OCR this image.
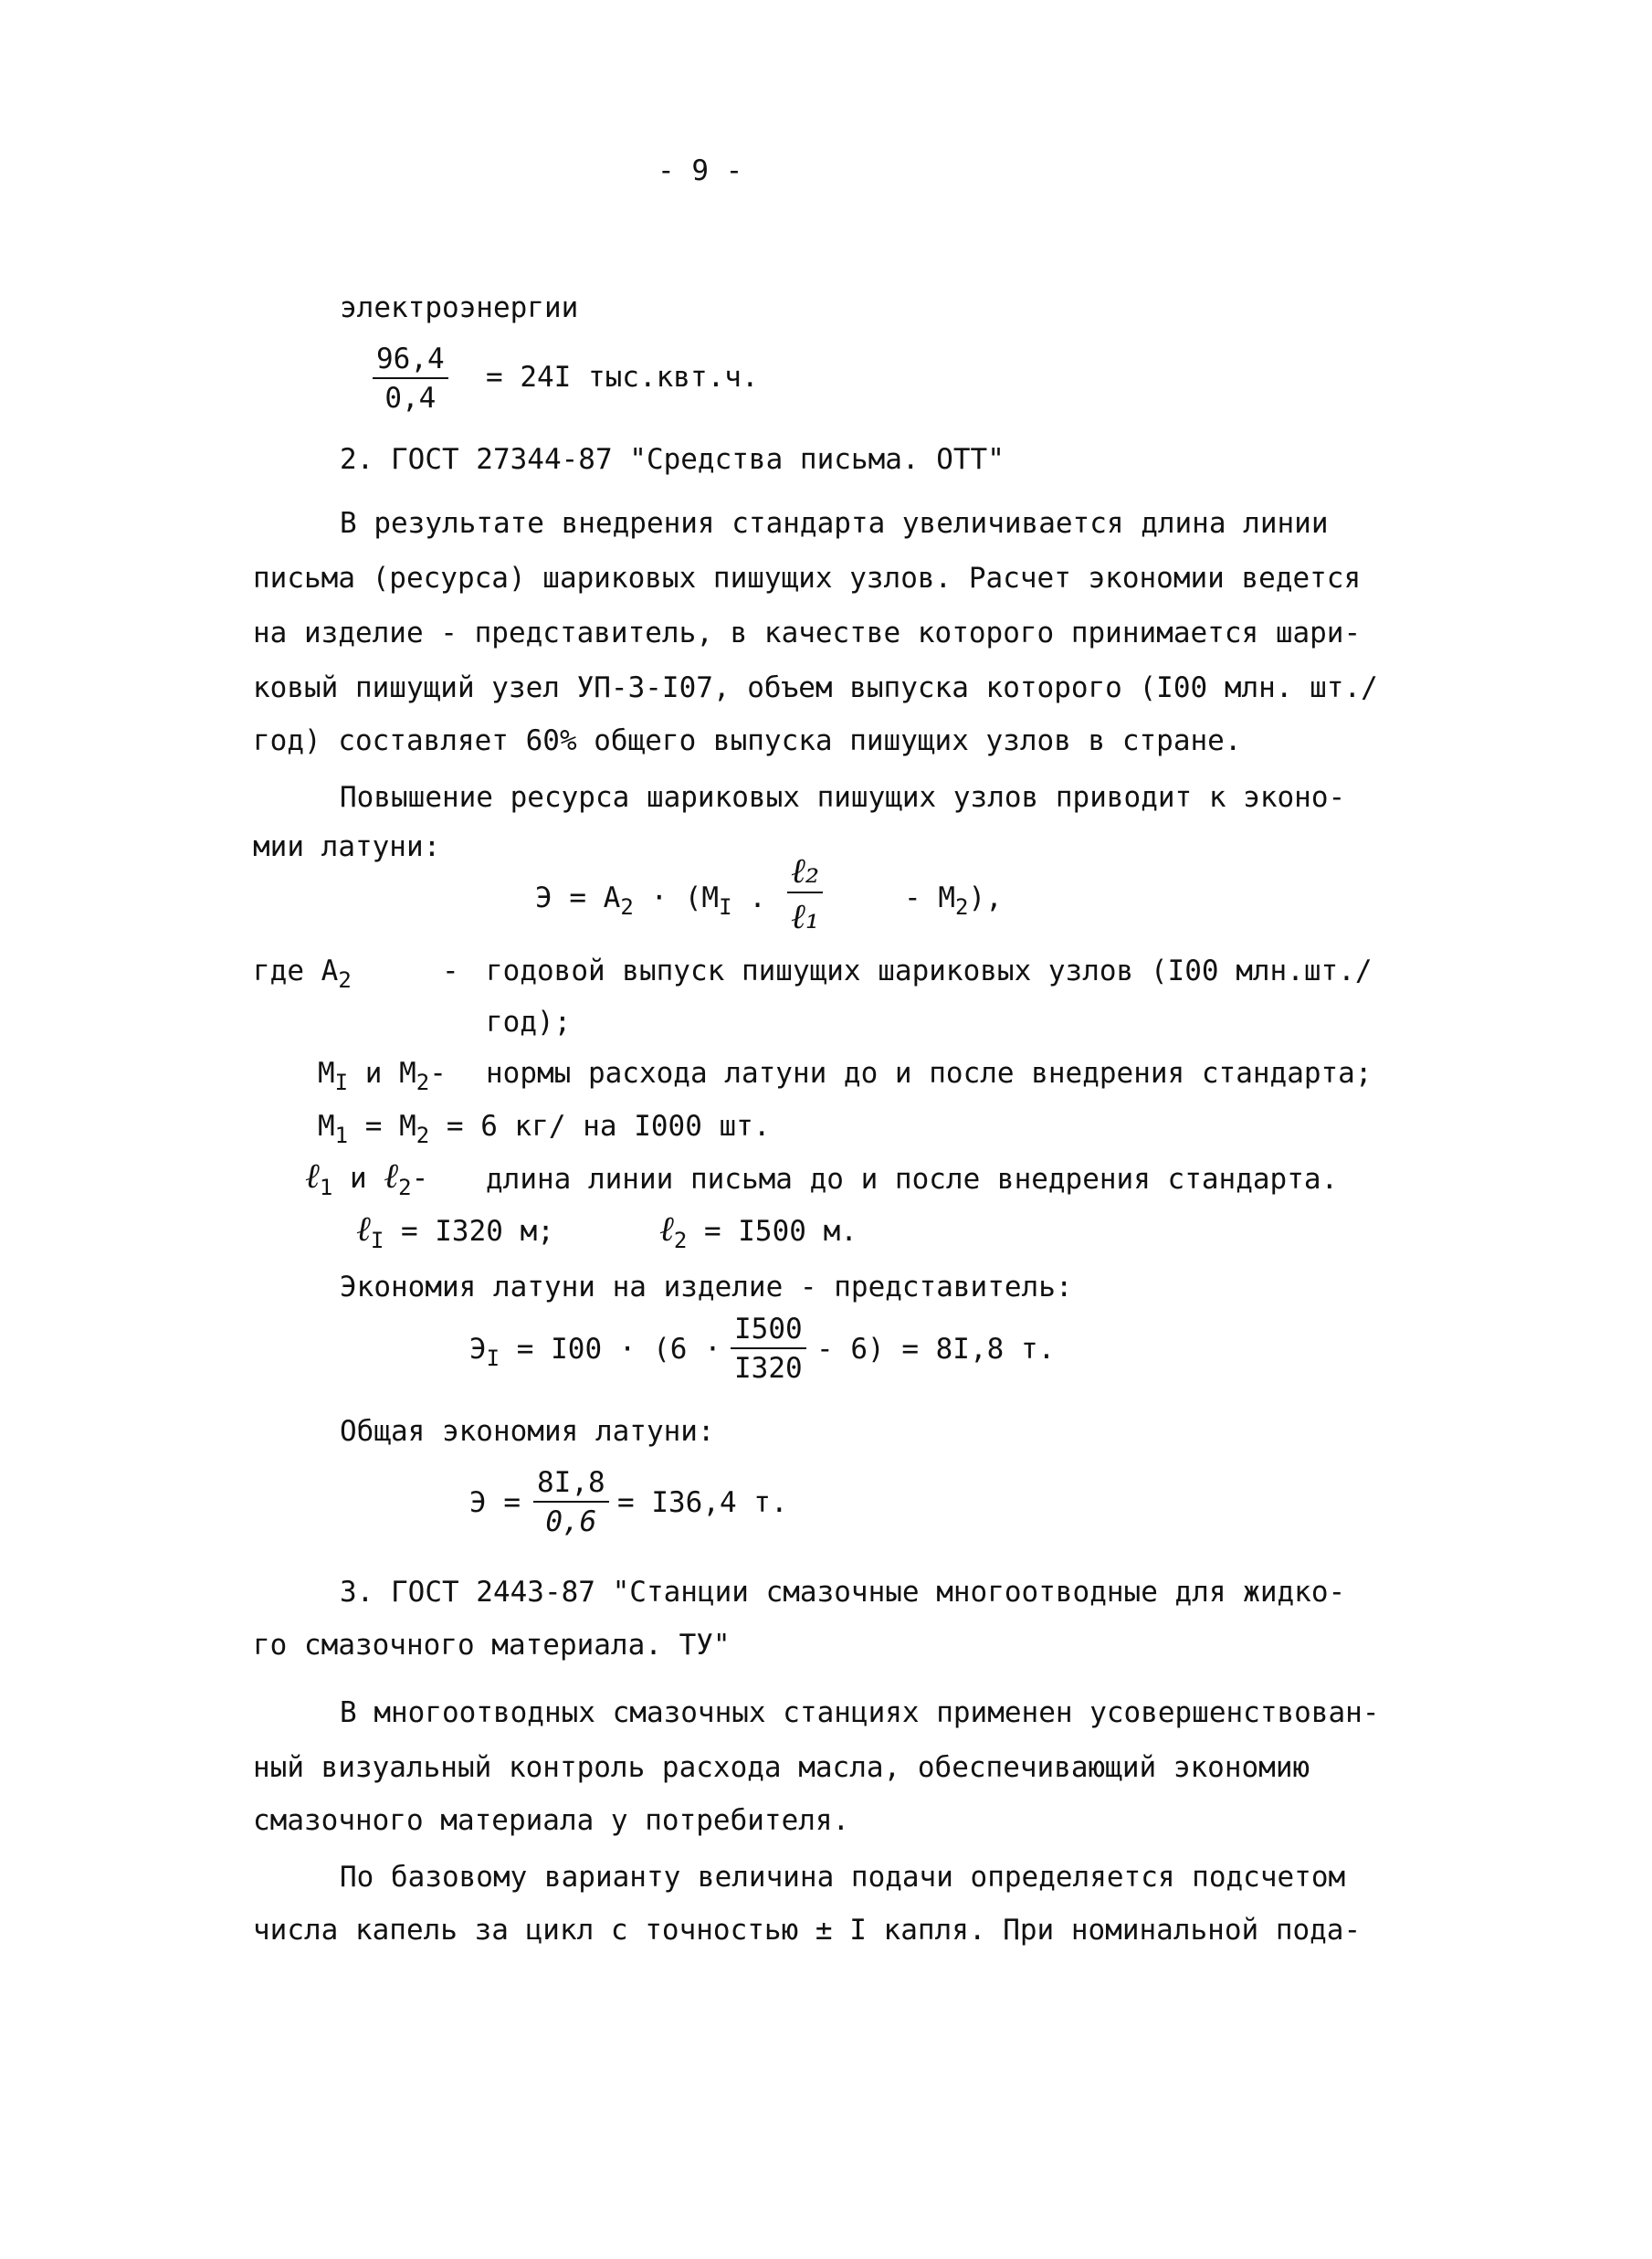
- 9 -
электроэнергии
$\frac{96,4}{0,4} = 24I$ тыс.квт.ч.
2. ГОСТ 27344-87 "Средства письма. ОТТ"
В результате внедрения стандарта увеличивается длина линии
письма (ресурса) шариковых пишущих узлов. Расчет экономии ведется
на изделие - представитель, в качестве которого принимается шари-
ковый пишущий узел УП-3-I07, объем выпуска которого (I00 млн. шт./
год) составляет 60% общего выпуска пишущих узлов в стране.
Повышение ресурса шариковых пишущих узлов приводит к эконо-
мии латуни:
$Э = А_2 \cdot (М_I$ .
ℓ₂
ℓ₁	- $М_2$),
где $А_2$	- годовой выпуск пишущих шариковых узлов (I00 млн.шт./
год);
$М_I$ и $М_2-$ нормы расхода латуни до и после внедрения стандарта;
$М_1 = М_2 = 6$ кг/ на I000 шт.
ℓ$_1$ и ℓ$_2$- длина линии письма до и после внедрения стандарта.
ℓ$_I$ = I320 м;	ℓ$_2$ = I500 м.
Экономия латуни на изделие - представитель:
$Э_I = I00 \cdot (6 \cdot \frac{I500}{I320} - 6) = 8I,8$ т.
Общая экономия латуни:
$Э = \frac{8I,8}{0,6} = I36,4$ т.
3. ГОСТ 2443-87 "Станции смазочные многоотводные для жидко-
го смазочного материала. ТУ"
В многоотводных смазочных станциях применен усовершенствован-
ный визуальный контроль расхода масла, обеспечивающий экономию
смазочного материала у потребителя.
По базовому варианту величина подачи определяется подсчетом
числа капель за цикл с точностью ± I капля. При номинальной пода-
